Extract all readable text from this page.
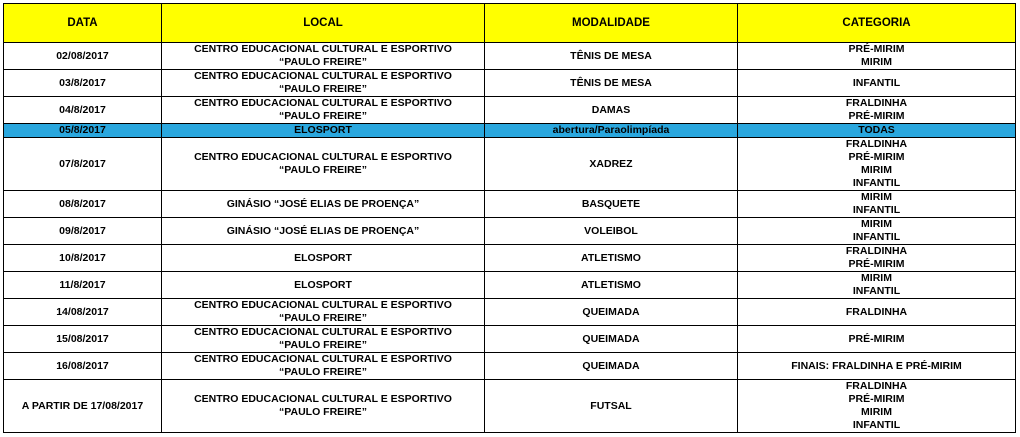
DATA	LOCAL	MODALIDADE	CATEGORIA
02/08/2017	CENTRO EDUCACIONAL CULTURAL E ESPORTIVO
“PAULO FREIRE”	TÊNIS DE MESA	PRÉ-MIRIM
MIRIM

03/8/2017	CENTRO EDUCACIONAL CULTURAL E ESPORTIVO
“PAULO FREIRE”	TÊNIS DE MESA	INFANTIL

04/8/2017	CENTRO EDUCACIONAL CULTURAL E ESPORTIVO
“PAULO FREIRE”	DAMAS	FRALDINHA
PRÉ-MIRIM

05/8/2017	ELOSPORT	abertura/Paraolimpíada	TODAS

07/8/2017	CENTRO EDUCACIONAL CULTURAL E ESPORTIVO
“PAULO FREIRE”	XADREZ	FRALDINHA
PRÉ-MIRIM
MIRIM
INFANTIL

08/8/2017	GINÁSIO “JOSÉ ELIAS DE PROENÇA”	BASQUETE	MIRIM
INFANTIL

09/8/2017	GINÁSIO “JOSÉ ELIAS DE PROENÇA”	VOLEIBOL	MIRIM
INFANTIL

10/8/2017	ELOSPORT	ATLETISMO	FRALDINHA
PRÉ-MIRIM

11/8/2017	ELOSPORT	ATLETISMO	MIRIM
INFANTIL

14/08/2017	CENTRO EDUCACIONAL CULTURAL E ESPORTIVO
“PAULO FREIRE”	QUEIMADA	FRALDINHA

15/08/2017	CENTRO EDUCACIONAL CULTURAL E ESPORTIVO
“PAULO FREIRE”	QUEIMADA	PRÉ-MIRIM

16/08/2017	CENTRO EDUCACIONAL CULTURAL E ESPORTIVO
“PAULO FREIRE”	QUEIMADA	FINAIS: FRALDINHA E PRÉ-MIRIM

A PARTIR DE 17/08/2017	CENTRO EDUCACIONAL CULTURAL E ESPORTIVO
“PAULO FREIRE”	FUTSAL	FRALDINHA
PRÉ-MIRIM
MIRIM
INFANTIL
